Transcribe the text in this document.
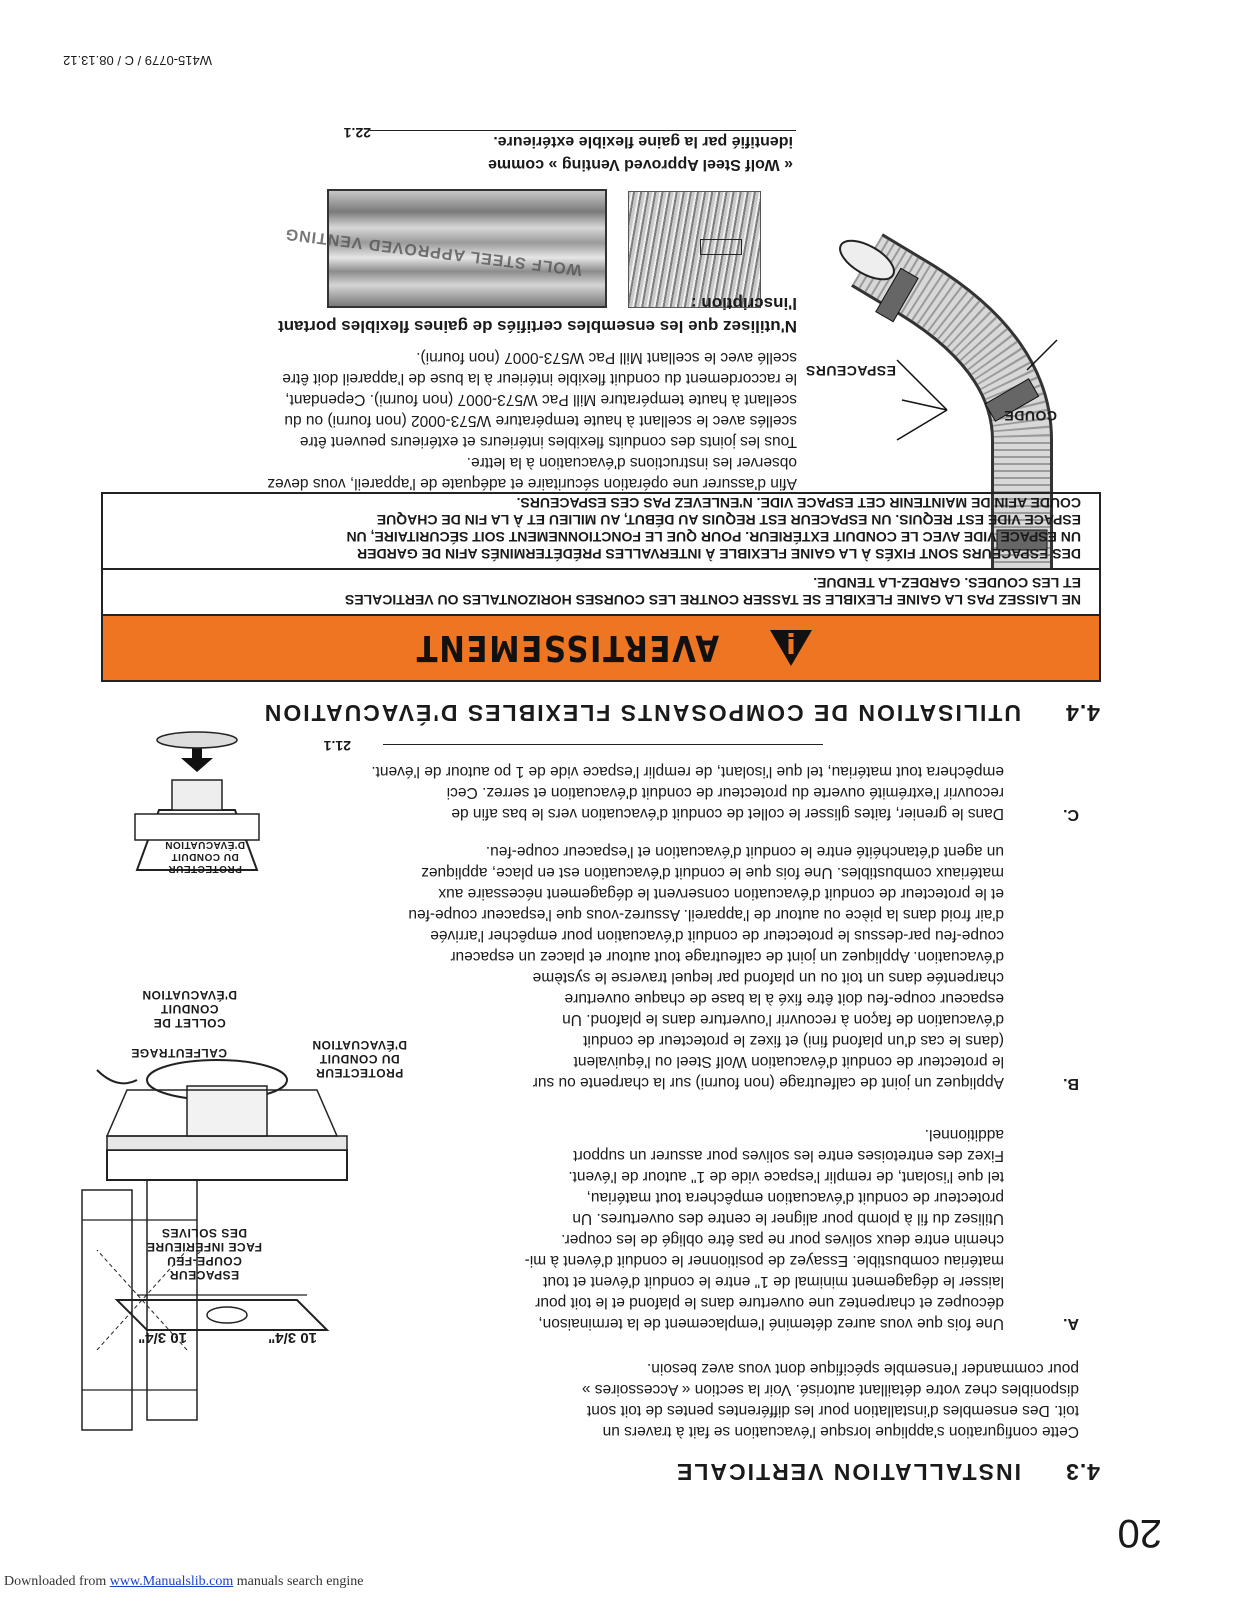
W415-0779 / C / 08.13.12
COUDE
ESPACEURS
WOLF STEEL APPROVED VENTING
« Wolf Steel Approved Venting » comme
identifié par la gaine flexible extérieure.
22.1
Afin d'assurer une opération sécuritaire et adéquate de l'appareil, vous devez
observer les instructions d'évacuation à la lettre.
Tous les joints des conduits flexibles intérieurs et extérieurs peuvent être
scellés avec le scellant à haute température W573-0002 (non fourni) ou du
scellant à haute température Mill Pac W573-0007 (non fourni). Cependant,
le raccordement du conduit flexible intérieur à la buse de l'appareil doit être
scellé avec le scellant Mill Pac W573-0007 (non fourni).
N'utilisez que les ensembles certifiés de gaines flexibles portant
l'inscription :
AVERTISSEMENT
NE LAISSEZ PAS LA GAINE FLEXIBLE SE TASSER CONTRE LES COURSES HORIZONTALES OU VERTICALES
ET LES COUDES. GARDEZ-LA TENDUE.
DES ESPACEURS SONT FIXÉS À LA GAINE FLEXIBLE À INTERVALLES PRÉDÉTERMINÉS AFIN DE GARDER
UN ESPACE VIDE AVEC LE CONDUIT EXTÉRIEUR. POUR QUE LE FONCTIONNEMENT SOIT SÉCURITAIRE, UN
ESPACE VIDE EST REQUIS. UN ESPACEUR EST REQUIS AU DÉBUT, AU MILIEU ET À LA FIN DE CHAQUE
COUDE AFIN DE MAINTENIR CET ESPACE VIDE. N'ENLEVEZ PAS CES ESPACEURS.
4.4
UTILISATION DE COMPOSANTS FLEXIBLES D'ÉVACUATION
21.1
C.
Dans le grenier, faites glisser le collet de conduit d'évacuation vers le bas afin de
recouvrir l'extrémité ouverte du protecteur de conduit d'évacuation et serrez. Ceci
empêchera tout matériau, tel que l'isolant, de remplir l'espace vide de 1 po autour de l'évent.
B.
Appliquez un joint de calfeutrage (non fourni) sur la charpente ou sur
le protecteur de conduit d'évacuation Wolf Steel ou l'équivalent
(dans le cas d'un plafond fini) et fixez le protecteur de conduit
d'évacuation de façon à recouvrir l'ouverture dans le plafond. Un
espaceur coupe-feu doit être fixé à la base de chaque ouverture
charpentée dans un toit ou un plafond par lequel traverse le système
d'évacuation. Appliquez un joint de calfeutrage tout autour et placez un espaceur
coupe-feu par-dessus le protecteur de conduit d'évacuation pour empêcher l'arrivée
d'air froid dans la pièce ou autour de l'appareil. Assurez-vous que l'espaceur coupe-feu
et le protecteur de conduit d'évacuation conservent le dégagement nécessaire aux
matériaux combustibles. Une fois que le conduit d'évacuation est en place, appliquez
un agent d'étanchéité entre le conduit d'évacuation et l'espaceur coupe-feu.
A.
Une fois que vous aurez déteminé l'emplacement de la terminaison,
découpez et charpentez une ouverture dans le plafond et le toit pour
laisser le dégagement minimal de 1" entre le conduit d'évent et tout
matériau combustible. Essayez de positionner le conduit d'évent à mi-
chemin entre deux solives pour ne pas être obligé de les couper.
Utilisez du fil à plomb pour aligner le centre des ouvertures. Un
protecteur de conduit d'évacuation empêchera tout matériau,
tel que l'isolant, de remplir l'espace vide de 1" autour de l'évent.
Fixez des entretoises entre les solives pour assurer un support
additionnel.
COLLET DE
CONDUIT
D'ÉVACUATION
PROTECTEUR
DU CONDUIT
D'ÉVACUATION
CALFEUTRAGE
PROTECTEUR
DU CONDUIT
D'ÉVACUATION
ESPACEUR
COUPE-FEU
FACE INFÉRIEURE
DES SOLIVES
10 3/4"	10 3/4"
Cette configuration s'applique lorsque l'évacuation se fait à travers un
toit. Des ensembles d'installation pour les différentes pentes de toit sont
disponibles chez votre détaillant autorisé. Voir la section « Accessoires »
pour commander l'ensemble spécifique dont vous avez besoin.
4.3
INSTALLATION VERTICALE
20
Downloaded from www.Manualslib.com manuals search engine
